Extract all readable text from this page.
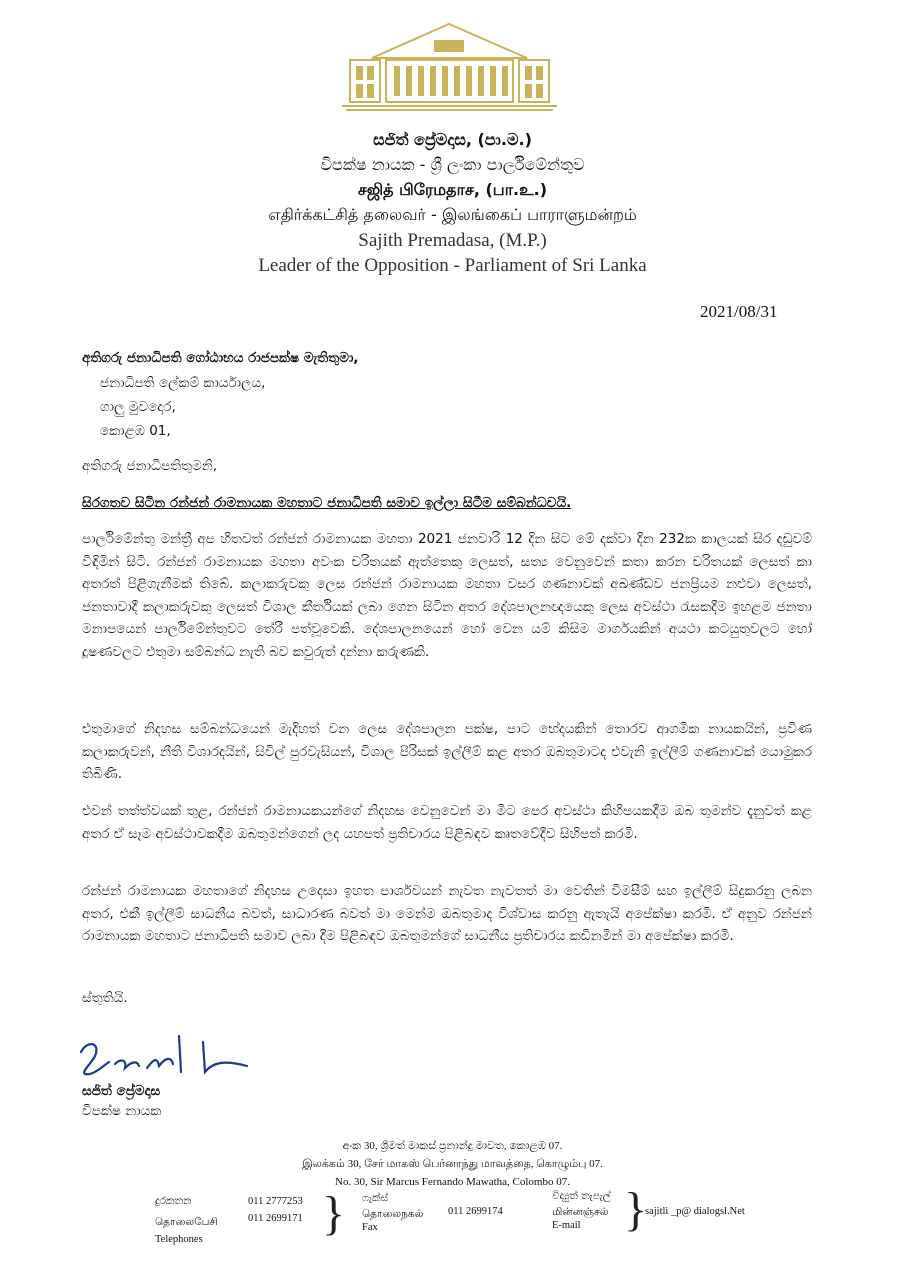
සජිත් ප්‍රේමදාස, (පා.ම.)
විපක්ෂ නායක - ශ්‍රී ලංකා පාර්ලිමේන්තුව
சஜித் பிரேமதாச, (பா.உ.)
எதிர்க்கட்சித் தலைவர் - இலங்கைப் பாராளுமன்றம்
Sajith Premadasa, (M.P.)
Leader of the Opposition - Parliament of Sri Lanka
2021/08/31
අතිගරු ජනාධිපති ගෝඨාභය රාජපක්ෂ මැතිතුමා,
ජනාධිපති ලේකම් කාර්යාලය,
ගාලු මුවදොර,
කොළඹ 01,
අතිගරු ජනාධිපතිතුමනි,
සිරගතව සිටින රන්ජන් රාමනායක මහතාට ජනාධිපති සමාව ඉල්ලා සිටීම සම්බන්ධවයි.
පාර්ලිමේන්තු මන්ත්‍රී අප හිතවත් රන්ජන් රාමනායක මහතා 2021 ජනවාරි 12 දින සිට මේ දක්වා දින 232ක කාලයක් සිර දඩුවම් විඳිමින් සිටී. රන්ජන් රාමනායක මහතා අවංක චරිතයක් ඇත්තෙකු ලෙසත්, සත්‍ය වෙනුවෙන් කතා කරන චරිතයක් ලෙසත් කා අතරත් පිළිගැනීමක් තිබේ. කලාකරුවකු ලෙස රන්ජන් රාමනායක මහතා වසර ගණනාවක් අඛණ්ඩව ජනප්‍රියම නළුවා ලෙසත්, ජනතාවාදී කලාකරුවකු ලෙසත් විශාල කීර්තියක් ලබා ගෙන සිටින අතර දේශපාලනඥයෙකු ලෙස අවස්ථා රැසකදීම ඉහළම ජනතා මනාපයෙන් පාර්ලිමේන්තුවට තේරී පත්වූවෙකි. දේශපාලනයෙන් හෝ වෙන යම් කිසිම මාර්ගයකින් අයථා කටයුතුවලට හෝ දූෂණවලට එතුමා සම්බන්ධ නැති බව කවුරුත් දන්නා කරුණකි.
එතුමාගේ නිදහස සම්බන්ධයෙන් මැදිහත් වන ලෙස දේශපාලන පක්ෂ, පාට භේදයකින් තොරව ආගමික නායකයින්, ප්‍රවීණ කලාකරුවන්, නීති විශාරදයින්, සිවිල් පුරවැසියන්, විශාල පිරිසක් ඉල්ලීම් කළ අතර ඔබතුමාටද එවැනි ඉල්ලීම් ගණනාවක් යොමුකර තිබිණි.
එවන් තත්ත්වයක් තුළ, රන්ජන් රාමනායකයන්ගේ නිදහස වෙනුවෙන් මා මීට පෙර අවස්ථා කිහිපයකදීම ඔබ තුමන්ව දැනුවත් කළ අතර ඒ සෑම අවස්ථාවකදීම ඔබතුමන්ගෙන් ලද යහපත් ප්‍රතිචාරය පිළිබඳව කෘතවේදීව සිහිපත් කරමි.
රන්ජන් රාමනායක මහතාගේ නිදහස උදෙසා ඉහත පාර්ශවයන් නැවත නැවතත් මා වෙතින් විමසීම් සහ ඉල්ලීම් සිදුකරනු ලබන අතර, එකී ඉල්ලීම් සාධනීය බවත්, සාධාරණ බවත් මා මෙන්ම ඔබතුමාද විශ්වාස කරනු ඇතැයි අපේක්ෂා කරමි. ඒ අනුව රන්ජන් රාමනායක මහතාට ජනාධිපති සමාව ලබා දීම පිළිබඳව ඔබතුමන්ගේ සාධනීය ප්‍රතිචාරය කඩිනමින් මා අපේක්ෂා කරමි.
ස්තුතියි.
සජිත් ප්‍රේමදාස
විපක්ෂ නායක
අංක 30, ශ්‍රීමත් මාකස් ප්‍රනාන්දු මාවත, කොළඹ 07.
இலக்கம் 30, சேர் மாகஸ் பெர்னாந்து மாவத்தை, கொழும்பு 07.
No. 30, Sir Marcus Fernando Mawatha, Colombo 07.
දුරකතන
தொலைபேசி
Telephones
011 2777253
011 2699171 } ෆැක්ස්
தொலைநகல்
Fax
011 2699174
විද්‍යුත් තැපැල්
மின்னஞ்சல்
E-mail }
sajitli _p@ dialogsl.Net
